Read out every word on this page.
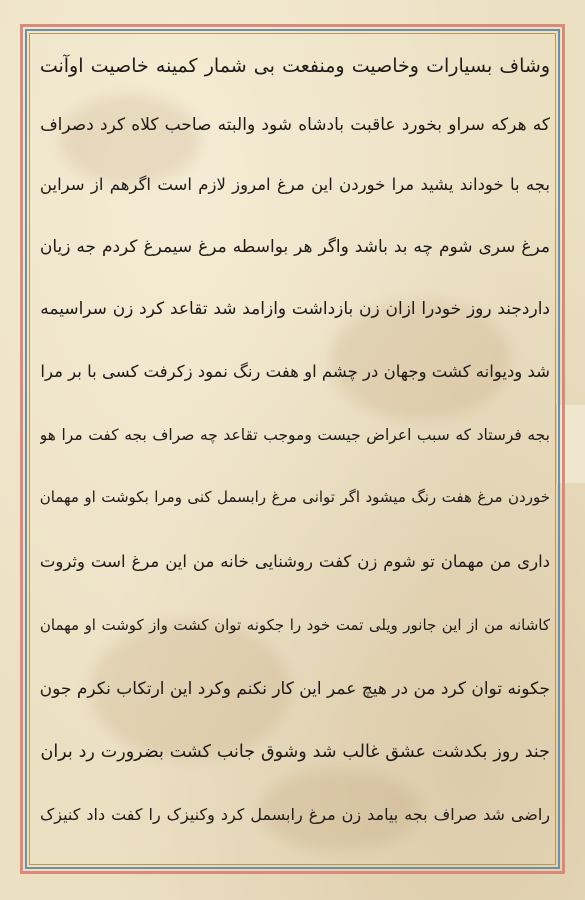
وشاف بسیارات وخاصیت ومنفعت بی شمار کمینه خاصیت اوآنت
که هرکه سراو بخورد عاقبت بادشاه شود والبته صاحب کلاه کرد دصراف
بجه با خوداند یشید مرا خوردن این مرغ امروز لازم است اگرهم از سراین
مرغ سری شوم چه بد باشد واگر هر بواسطه مرغ سیمرغ کردم جه زیان
داردجند روز خودرا ازان زن بازداشت وازامد شد تقاعد کرد زن سراسیمه
شد ودیوانه کشت وجهان در چشم او هفت رنگ نمود زکرفت کسی با بر مرا
بجه فرستاد که سبب اعراض جیست وموجب تقاعد چه صراف بجه کفت مرا هو
خوردن مرغ هفت رنگ میشود اگر توانی مرغ رابسمل کنی ومرا بکوشت او مهمان
داری من مهمان تو شوم زن کفت روشنایی خانه من این مرغ است وثروت
کاشانه من از این جانور ویلی تمت خود را جکونه توان کشت واز کوشت او مهمان
جکونه توان کرد من در هیچ عمر این کار نکنم وکرد این ارتکاب نکرم جون
جند روز بکدشت عشق غالب شد وشوق جانب کشت بضرورت رد بران
راضی شد صراف بجه بیامد زن مرغ رابسمل کرد وکنیزک را کفت داد کنیزک
